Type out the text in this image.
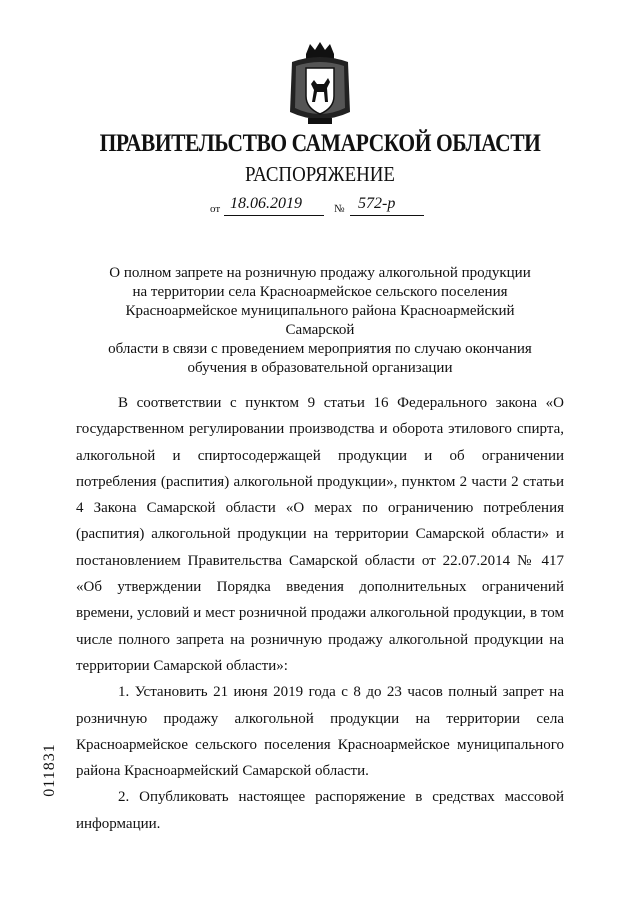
ПРАВИТЕЛЬСТВО САМАРСКОЙ ОБЛАСТИ
РАСПОРЯЖЕНИЕ
от 18.06.2019	№ 572-р
О полном запрете на розничную продажу алкогольной продукции
на территории села Красноармейское сельского поселения
Красноармейское муниципального района Красноармейский Самарской
области в связи с проведением мероприятия по случаю окончания
обучения в образовательной организации

В соответствии с пунктом 9 статьи 16 Федерального закона «О государственном регулировании производства и оборота этилового спирта, алкогольной и спиртосодержащей продукции и об ограничении потребления (распития) алкогольной продукции», пунктом 2 части 2 статьи 4 Закона Самарской области «О мерах по ограничению потребления (распития) алкогольной продукции на территории Самарской области» и постановлением Правительства Самарской области от 22.07.2014 № 417 «Об утверждении Порядка введения дополнительных ограничений времени, условий и мест розничной продажи алкогольной продукции, в том числе полного запрета на розничную продажу алкогольной продукции на территории Самарской области»:

1. Установить 21 июня 2019 года с 8 до 23 часов полный запрет на розничную продажу алкогольной продукции на территории села Красноармейское сельского поселения Красноармейское муниципального района Красноармейский Самарской области.

2. Опубликовать настоящее распоряжение в средствах массовой информации.

011831
